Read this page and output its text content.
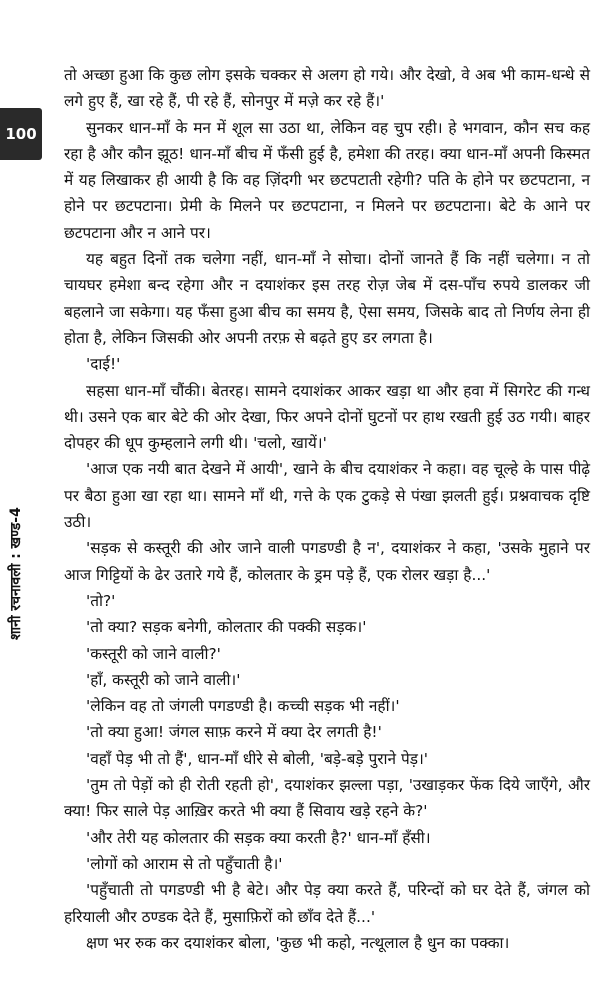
100
शानी रचनावली : खण्ड-4

तो अच्छा हुआ कि कुछ लोग इसके चक्कर से अलग हो गये। और देखो, वे अब भी काम-धन्धे से लगे हुए हैं, खा रहे हैं, पी रहे हैं, सोनपुर में मज़े कर रहे हैं।'

सुनकर धान-माँ के मन में शूल सा उठा था, लेकिन वह चुप रही। हे भगवान, कौन सच कह रहा है और कौन झूठ! धान-माँ बीच में फँसी हुई है, हमेशा की तरह। क्या धान-माँ अपनी किस्मत में यह लिखाकर ही आयी है कि वह ज़िंदगी भर छटपटाती रहेगी? पति के होने पर छटपटाना, न होने पर छटपटाना। प्रेमी के मिलने पर छटपटाना, न मिलने पर छटपटाना। बेटे के आने पर छटपटाना और न आने पर।

यह बहुत दिनों तक चलेगा नहीं, धान-माँ ने सोचा। दोनों जानते हैं कि नहीं चलेगा। न तो चायघर हमेशा बन्द रहेगा और न दयाशंकर इस तरह रोज़ जेब में दस-पाँच रुपये डालकर जी बहलाने जा सकेगा। यह फँसा हुआ बीच का समय है, ऐसा समय, जिसके बाद तो निर्णय लेना ही होता है, लेकिन जिसकी ओर अपनी तरफ़ से बढ़ते हुए डर लगता है।

'दाई!'

सहसा धान-माँ चौंकी। बेतरह। सामने दयाशंकर आकर खड़ा था और हवा में सिगरेट की गन्ध थी। उसने एक बार बेटे की ओर देखा, फिर अपने दोनों घुटनों पर हाथ रखती हुई उठ गयी। बाहर दोपहर की धूप कुम्हलाने लगी थी। 'चलो, खायें।'

'आज एक नयी बात देखने में आयी', खाने के बीच दयाशंकर ने कहा। वह चूल्हे के पास पीढ़े पर बैठा हुआ खा रहा था। सामने माँ थी, गत्ते के एक टुकड़े से पंखा झलती हुई। प्रश्नवाचक दृष्टि उठी।

'सड़क से कस्तूरी की ओर जाने वाली पगडण्डी है न', दयाशंकर ने कहा, 'उसके मुहाने पर आज गिट्टियों के ढेर उतारे गये हैं, कोलतार के ड्रम पड़े हैं, एक रोलर खड़ा है...'

'तो?'

'तो क्या? सड़क बनेगी, कोलतार की पक्की सड़क।'

'कस्तूरी को जाने वाली?'

'हाँ, कस्तूरी को जाने वाली।'

'लेकिन वह तो जंगली पगडण्डी है। कच्ची सड़क भी नहीं।'

'तो क्या हुआ! जंगल साफ़ करने में क्या देर लगती है!'

'वहाँ पेड़ भी तो हैं', धान-माँ धीरे से बोली, 'बड़े-बड़े पुराने पेड़।'

'तुम तो पेड़ों को ही रोती रहती हो', दयाशंकर झल्ला पड़ा, 'उखाड़कर फेंक दिये जाएँगे, और क्या! फिर साले पेड़ आख़िर करते भी क्या हैं सिवाय खड़े रहने के?'

'और तेरी यह कोलतार की सड़क क्या करती है?' धान-माँ हँसी।

'लोगों को आराम से तो पहुँचाती है।'

'पहुँचाती तो पगडण्डी भी है बेटे। और पेड़ क्या करते हैं, परिन्दों को घर देते हैं, जंगल को हरियाली और ठण्डक देते हैं, मुसाफ़िरों को छाँव देते हैं...'

क्षण भर रुक कर दयाशंकर बोला, 'कुछ भी कहो, नत्थूलाल है धुन का पक्का।
